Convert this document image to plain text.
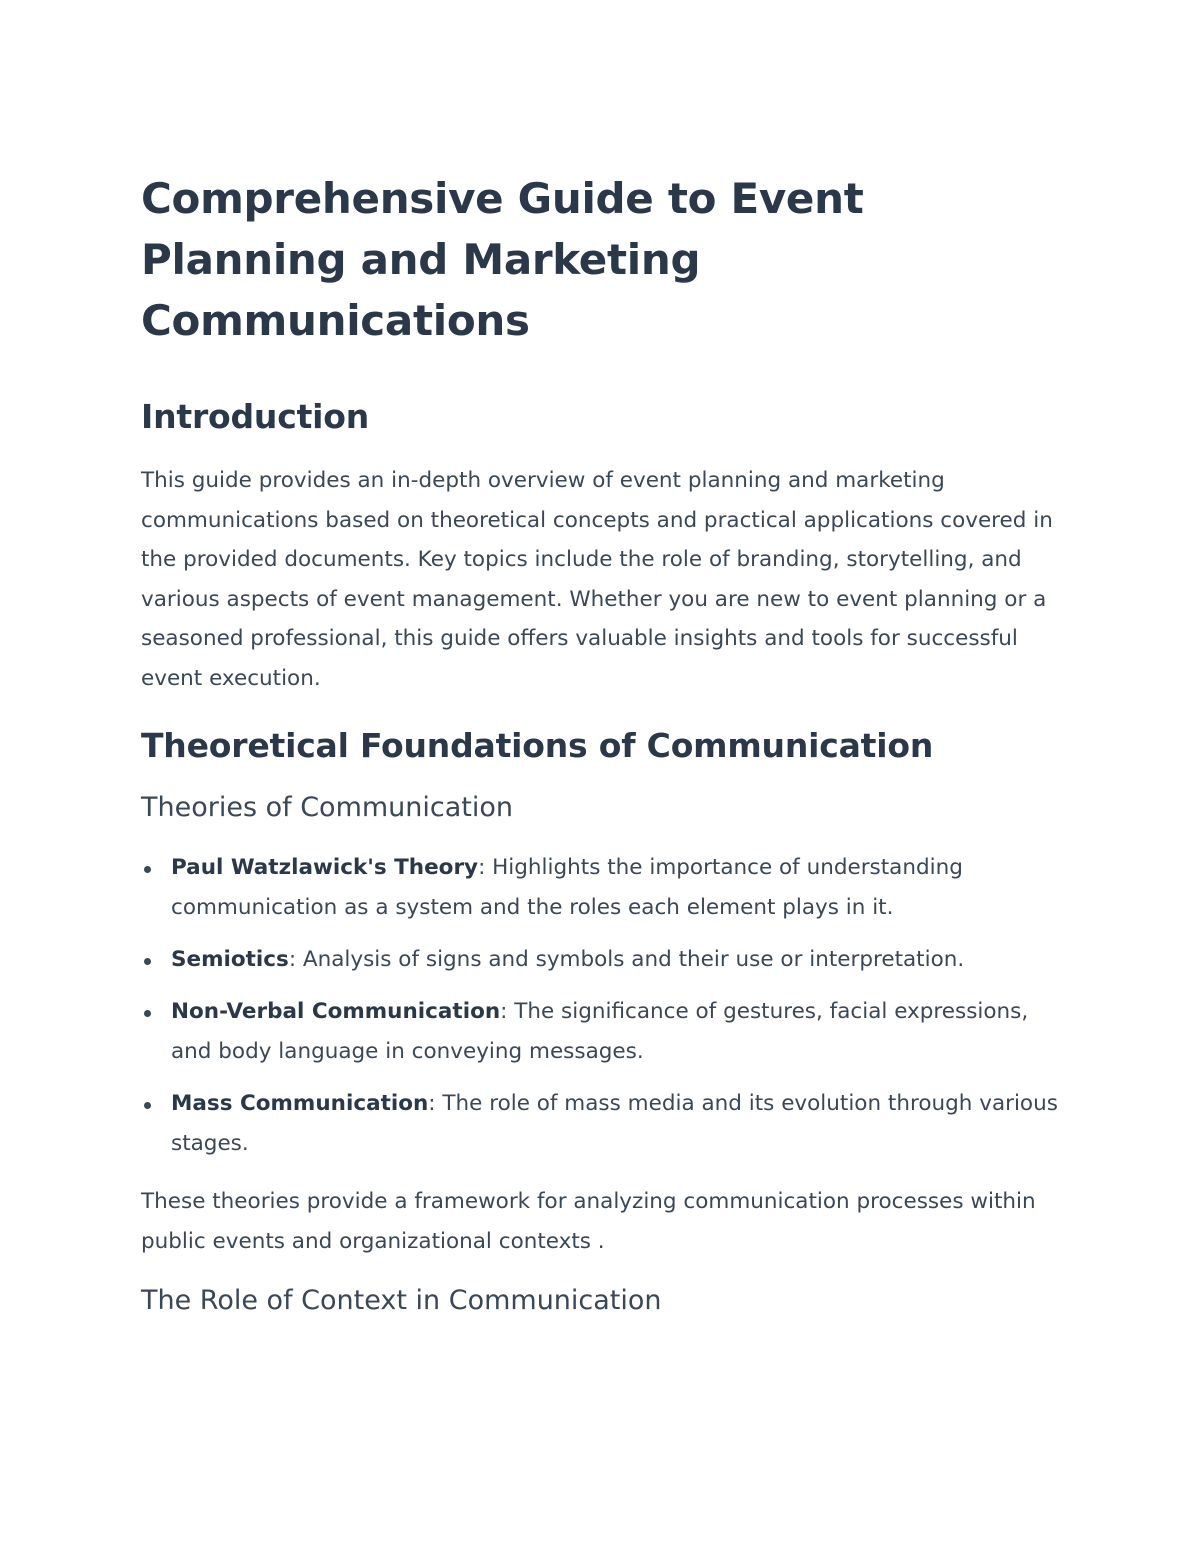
Comprehensive Guide to Event Planning and Marketing Communications
Introduction

This guide provides an in-depth overview of event planning and marketing communications based on theoretical concepts and practical applications covered in the provided documents. Key topics include the role of branding, storytelling, and various aspects of event management. Whether you are new to event planning or a seasoned professional, this guide offers valuable insights and tools for successful event execution.

Theoretical Foundations of Communication
Theories of Communication
Paul Watzlawick's Theory: Highlights the importance of understanding communication as a system and the roles each element plays in it.
Semiotics: Analysis of signs and symbols and their use or interpretation.
Non-Verbal Communication: The significance of gestures, facial expressions, and body language in conveying messages.
Mass Communication: The role of mass media and its evolution through various stages.

These theories provide a framework for analyzing communication processes within public events and organizational contexts .

The Role of Context in Communication
